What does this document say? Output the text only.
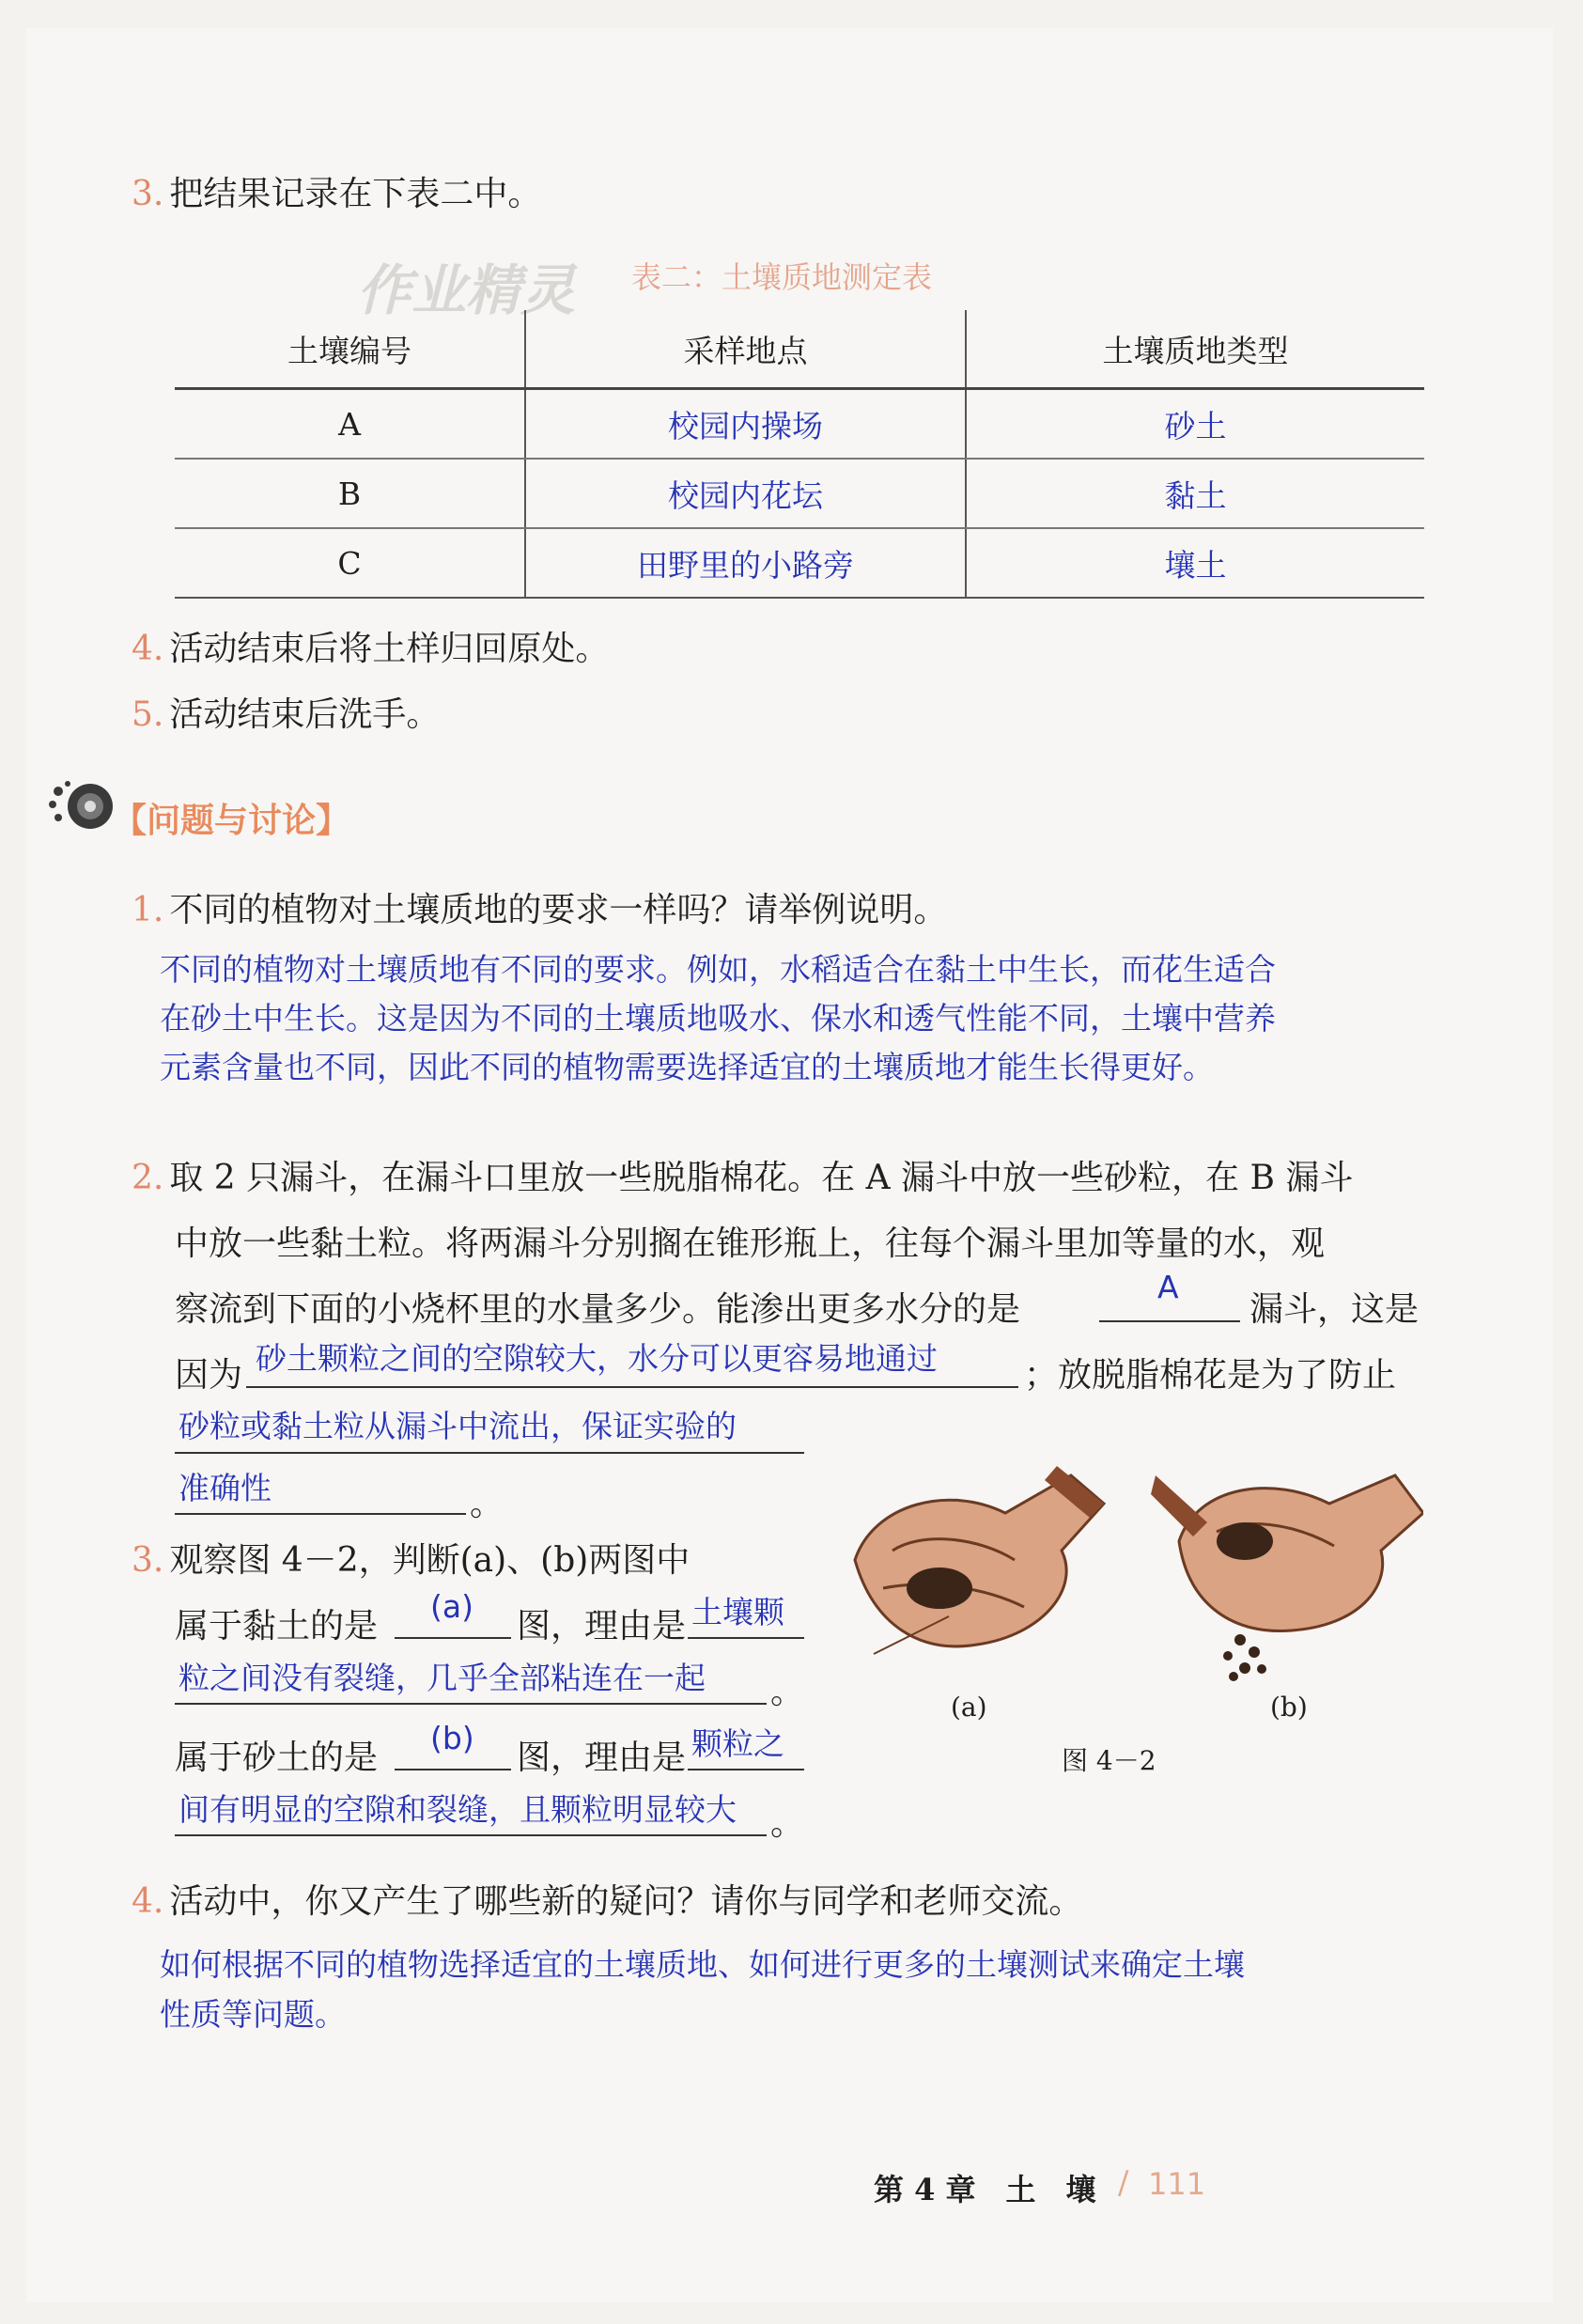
3. 把结果记录在下表二中。
作业精灵 表二：土壤质地测定表
土壤编号	采样地点	土壤质地类型
A	校园内操场	砂土
B	校园内花坛	黏土
C	田野里的小路旁	壤土
4. 活动结束后将土样归回原处。
5. 活动结束后洗手。
【问题与讨论】
1. 不同的植物对土壤质地的要求一样吗？请举例说明。
不同的植物对土壤质地有不同的要求。例如，水稻适合在黏土中生长，而花生适合
在砂土中生长。这是因为不同的土壤质地吸水、保水和透气性能不同，土壤中营养
元素含量也不同，因此不同的植物需要选择适宜的土壤质地才能生长得更好。
2. 取 2 只漏斗，在漏斗口里放一些脱脂棉花。在 A 漏斗中放一些砂粒，在 B 漏斗
中放一些黏土粒。将两漏斗分别搁在锥形瓶上，往每个漏斗里加等量的水，观
察流到下面的小烧杯里的水量多少。能渗出更多水分的是
A
漏斗，这是
因为 砂土颗粒之间的空隙较大，水分可以更容易地通过	；放脱脂棉花是为了防止
砂粒或黏土粒从漏斗中流出，保证实验的
准确性	。
3. 观察图 4－2，判断(a)、(b)两图中
属于黏土的是
(a)
图，理由是 土壤颗
粒之间没有裂缝，几乎全部粘连在一起 。
属于砂土的是
(b)
图，理由是 颗粒之
间有明显的空隙和裂缝，且颗粒明显较大 。
(a)	(b)
图 4－2
4. 活动中，你又产生了哪些新的疑问？请你与同学和老师交流。
如何根据不同的植物选择适宜的土壤质地、如何进行更多的土壤测试来确定土壤
性质等问题。
第 4 章　土　壤 / 111
